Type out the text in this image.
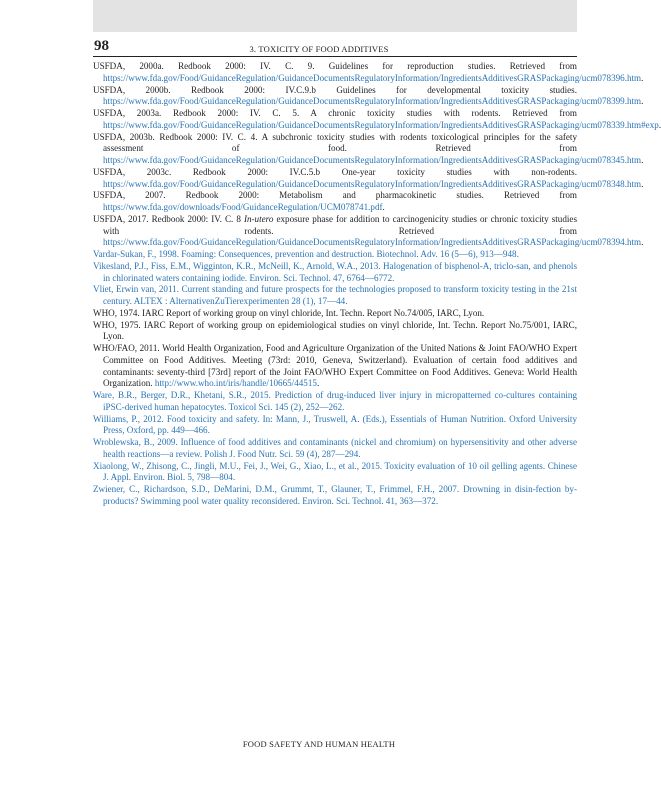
98	3. TOXICITY OF FOOD ADDITIVES
USFDA, 2000a. Redbook 2000: IV. C. 9. Guidelines for reproduction studies. Retrieved from https://www.fda.gov/Food/GuidanceRegulation/GuidanceDocumentsRegulatoryInformation/IngredientsAdditivesGRASPackaging/ucm078396.htm.
USFDA, 2000b. Redbook 2000: IV.C.9.b Guidelines for developmental toxicity studies. https://www.fda.gov/Food/GuidanceRegulation/GuidanceDocumentsRegulatoryInformation/IngredientsAdditivesGRASPackaging/ucm078399.htm.
USFDA, 2003a. Redbook 2000: IV. C. 5. A chronic toxicity studies with rodents. Retrieved from https://www.fda.gov/Food/GuidanceRegulation/GuidanceDocumentsRegulatoryInformation/IngredientsAdditivesGRASPackaging/ucm078339.htm#exp.
USFDA, 2003b. Redbook 2000: IV. C. 4. A subchronic toxicity studies with rodents toxicological principles for the safety assessment of food. Retrieved from https://www.fda.gov/Food/GuidanceRegulation/GuidanceDocumentsRegulatoryInformation/IngredientsAdditivesGRASPackaging/ucm078345.htm.
USFDA, 2003c. Redbook 2000: IV.C.5.b One-year toxicity studies with non-rodents. https://www.fda.gov/Food/GuidanceRegulation/GuidanceDocumentsRegulatoryInformation/IngredientsAdditivesGRASPackaging/ucm078348.htm.
USFDA, 2007. Redbook 2000: Metabolism and pharmacokinetic studies. Retrieved from https://www.fda.gov/downloads/Food/GuidanceRegulation/UCM078741.pdf.
USFDA, 2017. Redbook 2000: IV. C. 8 In-utero exposure phase for addition to carcinogenicity studies or chronic toxicity studies with rodents. Retrieved from https://www.fda.gov/Food/GuidanceRegulation/GuidanceDocumentsRegulatoryInformation/IngredientsAdditivesGRASPackaging/ucm078394.htm.
Vardar-Sukan, F., 1998. Foaming: Consequences, prevention and destruction. Biotechnol. Adv. 16 (5—6), 913—948.
Vikesland, P.J., Fiss, E.M., Wigginton, K.R., McNeill, K., Arnold, W.A., 2013. Halogenation of bisphenol-A, triclo-san, and phenols in chlorinated waters containing iodide. Environ. Sci. Technol. 47, 6764—6772.
Vliet, Erwin van, 2011. Current standing and future prospects for the technologies proposed to transform toxicity testing in the 21st century. ALTEX : AlternativenZuTierexperimenten 28 (1), 17—44.
WHO, 1974. IARC Report of working group on vinyl chloride, Int. Techn. Report No.74/005, IARC, Lyon.
WHO, 1975. IARC Report of working group on epidemiological studies on vinyl chloride, Int. Techn. Report No.75/001, IARC, Lyon.
WHO/FAO, 2011. World Health Organization, Food and Agriculture Organization of the United Nations & Joint FAO/WHO Expert Committee on Food Additives. Meeting (73rd: 2010, Geneva, Switzerland). Evaluation of certain food additives and contaminants: seventy-third [73rd] report of the Joint FAO/WHO Expert Committee on Food Additives. Geneva: World Health Organization. http://www.who.int/iris/handle/10665/44515.
Ware, B.R., Berger, D.R., Khetani, S.R., 2015. Prediction of drug-induced liver injury in micropatterned co-cultures containing iPSC-derived human hepatocytes. Toxicol Sci. 145 (2), 252—262.
Williams, P., 2012. Food toxicity and safety. In: Mann, J., Truswell, A. (Eds.), Essentials of Human Nutrition. Oxford University Press, Oxford, pp. 449—466.
Wroblewska, B., 2009. Influence of food additives and contaminants (nickel and chromium) on hypersensitivity and other adverse health reactions—a review. Polish J. Food Nutr. Sci. 59 (4), 287—294.
Xiaolong, W., Zhisong, C., Jingli, M.U., Fei, J., Wei, G., Xiao, L., et al., 2015. Toxicity evaluation of 10 oil gelling agents. Chinese J. Appl. Environ. Biol. 5, 798—804.
Zwiener, C., Richardson, S.D., DeMarini, D.M., Grummt, T., Glauner, T., Frimmel, F.H., 2007. Drowning in disin-fection by-products? Swimming pool water quality reconsidered. Environ. Sci. Technol. 41, 363—372.
FOOD SAFETY AND HUMAN HEALTH
